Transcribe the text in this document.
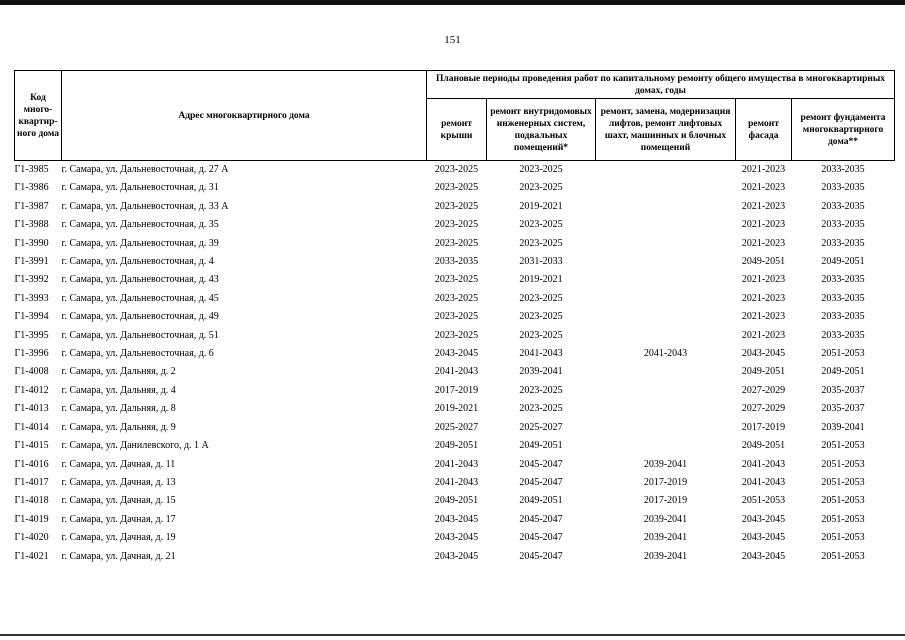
151
Код много-квартир-ного дома	Адрес многоквартирного дома	Плановые периоды проведения работ по капитальному ремонту общего имущества в многоквартирных домах, годы				
		ремонт крыши	ремонт внутридомовых инженерных систем, подвальных помещений*	ремонт, замена, модернизация лифтов, ремонт лифтовых шахт, машинных и блочных помещений	ремонт фасада	ремонт фундамента многоквартирного дома**
Г1-3985	г. Самара, ул. Дальневосточная, д. 27 А	2023-2025	2023-2025		2021-2023	2033-2035
Г1-3986	г. Самара, ул. Дальневосточная, д. 31	2023-2025	2023-2025		2021-2023	2033-2035
Г1-3987	г. Самара, ул. Дальневосточная, д. 33 А	2023-2025	2019-2021		2021-2023	2033-2035
Г1-3988	г. Самара, ул. Дальневосточная, д. 35	2023-2025	2023-2025		2021-2023	2033-2035
Г1-3990	г. Самара, ул. Дальневосточная, д. 39	2023-2025	2023-2025		2021-2023	2033-2035
Г1-3991	г. Самара, ул. Дальневосточная, д. 4	2033-2035	2031-2033		2049-2051	2049-2051
Г1-3992	г. Самара, ул. Дальневосточная, д. 43	2023-2025	2019-2021		2021-2023	2033-2035
Г1-3993	г. Самара, ул. Дальневосточная, д. 45	2023-2025	2023-2025		2021-2023	2033-2035
Г1-3994	г. Самара, ул. Дальневосточная, д. 49	2023-2025	2023-2025		2021-2023	2033-2035
Г1-3995	г. Самара, ул. Дальневосточная, д. 51	2023-2025	2023-2025		2021-2023	2033-2035
Г1-3996	г. Самара, ул. Дальневосточная, д. 6	2043-2045	2041-2043	2041-2043	2043-2045	2051-2053
Г1-4008	г. Самара, ул. Дальняя, д. 2	2041-2043	2039-2041		2049-2051	2049-2051
Г1-4012	г. Самара, ул. Дальняя, д. 4	2017-2019	2023-2025		2027-2029	2035-2037
Г1-4013	г. Самара, ул. Дальняя, д. 8	2019-2021	2023-2025		2027-2029	2035-2037
Г1-4014	г. Самара, ул. Дальняя, д. 9	2025-2027	2025-2027		2017-2019	2039-2041
Г1-4015	г. Самара, ул. Данилевского, д. 1 А	2049-2051	2049-2051		2049-2051	2051-2053
Г1-4016	г. Самара, ул. Дачная, д. 11	2041-2043	2045-2047	2039-2041	2041-2043	2051-2053
Г1-4017	г. Самара, ул. Дачная, д. 13	2041-2043	2045-2047	2017-2019	2041-2043	2051-2053
Г1-4018	г. Самара, ул. Дачная, д. 15	2049-2051	2049-2051	2017-2019	2051-2053	2051-2053
Г1-4019	г. Самара, ул. Дачная, д. 17	2043-2045	2045-2047	2039-2041	2043-2045	2051-2053
Г1-4020	г. Самара, ул. Дачная, д. 19	2043-2045	2045-2047	2039-2041	2043-2045	2051-2053
Г1-4021	г. Самара, ул. Дачная, д. 21	2043-2045	2045-2047	2039-2041	2043-2045	2051-2053
